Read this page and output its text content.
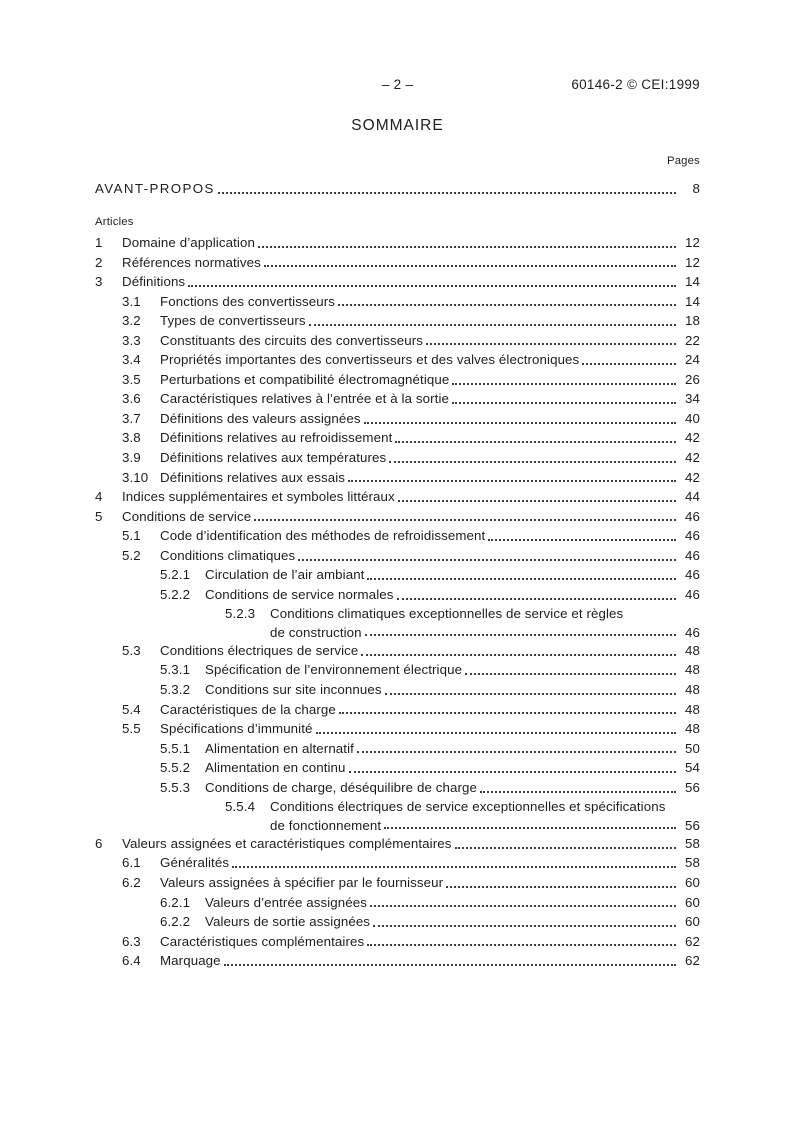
– 2 –	60146-2 © CEI:1999
SOMMAIRE
Pages
AVANT-PROPOS	8
Articles
1	Domaine d’application	12
2	Références normatives	12
3	Définitions	14
3.1	Fonctions des convertisseurs	14
3.2	Types de convertisseurs	18
3.3	Constituants des circuits des convertisseurs	22
3.4	Propriétés importantes des convertisseurs et des valves électroniques	24
3.5	Perturbations et compatibilité électromagnétique	26
3.6	Caractéristiques relatives à l’entrée et à la sortie	34
3.7	Définitions des valeurs assignées	40
3.8	Définitions relatives au refroidissement	42
3.9	Définitions relatives aux températures	42
3.10 Définitions relatives aux essais	42
4	Indices supplémentaires et symboles littéraux	44
5	Conditions de service	46
5.1	Code d’identification des méthodes de refroidissement	46
5.2	Conditions climatiques	46
5.2.1	Circulation de l’air ambiant	46
5.2.2	Conditions de service normales	46
5.2.3	Conditions climatiques exceptionnelles de service et règles
de construction	46
5.3	Conditions électriques de service	48
5.3.1	Spécification de l’environnement électrique	48
5.3.2	Conditions sur site inconnues	48
5.4	Caractéristiques de la charge	48
5.5	Spécifications d’immunité	48
5.5.1	Alimentation en alternatif	50
5.5.2	Alimentation en continu	54
5.5.3	Conditions de charge, déséquilibre de charge	56
5.5.4	Conditions électriques de service exceptionnelles et spécifications
de fonctionnement	56
6	Valeurs assignées et caractéristiques complémentaires	58
6.1	Généralités	58
6.2	Valeurs assignées à spécifier par le fournisseur	60
6.2.1	Valeurs d’entrée assignées	60
6.2.2	Valeurs de sortie assignées	60
6.3	Caractéristiques complémentaires	62
6.4	Marquage	62
